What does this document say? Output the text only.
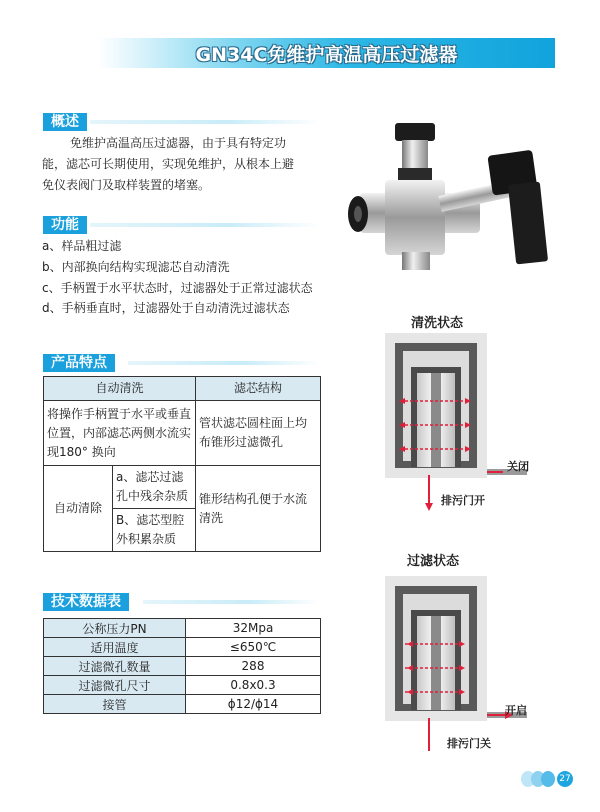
GN34C免维护高温高压过滤器
概述
免维护高温高压过滤器，由于具有特定功
能，滤芯可长期使用，实现免维护，从根本上避
免仪表阀门及取样装置的堵塞。
功能
a、样品粗过滤
b、内部换向结构实现滤芯自动清洗
c、手柄置于水平状态时，过滤器处于正常过滤状态
d、手柄垂直时，过滤器处于自动清洗过滤状态
产品特点
自动清洗		滤芯结构
将操作手柄置于水平或垂直位置，内部滤芯两侧水流实现180° 换向		管状滤芯圆柱面上均布锥形过滤微孔
自动清除	a、滤芯过滤孔中残余杂质	锥形结构孔便于水流清洗
	B、滤芯型腔外积累杂质	
技术数据表
公称压力PN	32Mpa
适用温度	≤650℃
过滤微孔数量	288
过滤微孔尺寸	0.8x0.3
接管	ϕ12/ϕ14
清洗状态
关闭
排污门开
过滤状态
开启
排污门关
27
